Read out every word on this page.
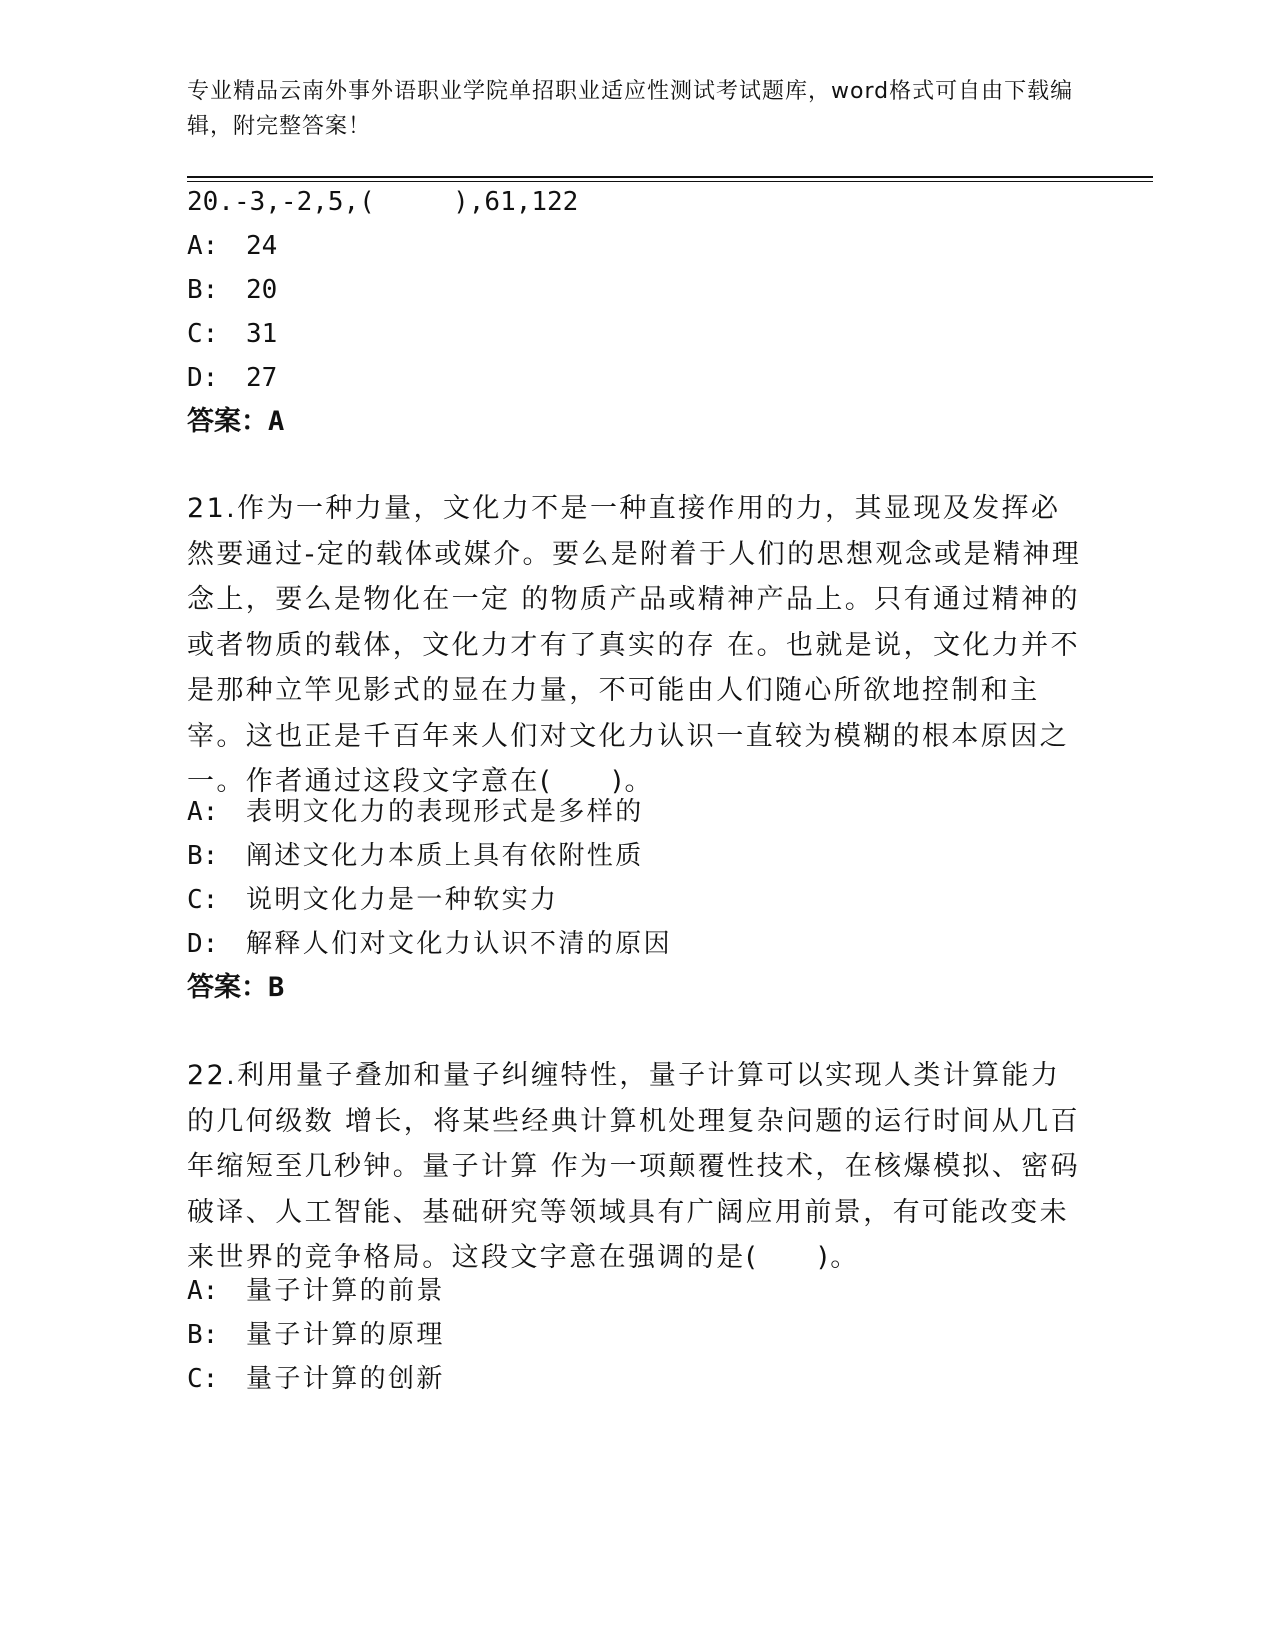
专业精品云南外事外语职业学院单招职业适应性测试考试题库，word格式可自由下载编辑，附完整答案！
20.-3,-2,5,(     ),61,122
A: 24
B: 20
C: 31
D: 27
答案：A
21.作为一种力量，文化力不是一种直接作用的力，其显现及发挥必然要通过-定的载体或媒介。要么是附着于人们的思想观念或是精神理念上，要么是物化在一定 的物质产品或精神产品上。只有通过精神的或者物质的载体，文化力才有了真实的存 在。也就是说，文化力并不是那种立竿见影式的显在力量，不可能由人们随心所欲地控制和主宰。这也正是千百年来人们对文化力认识一直较为模糊的根本原因之一。作者通过这段文字意在(　　)。
A: 表明文化力的表现形式是多样的
B: 阐述文化力本质上具有依附性质
C: 说明文化力是一种软实力
D: 解释人们对文化力认识不清的原因
答案：B
22.利用量子叠加和量子纠缠特性，量子计算可以实现人类计算能力的几何级数 增长，将某些经典计算机处理复杂问题的运行时间从几百年缩短至几秒钟。量子计算 作为一项颠覆性技术，在核爆模拟、密码破译、人工智能、基础研究等领域具有广阔应用前景，有可能改变未来世界的竞争格局。这段文字意在强调的是(　　)。
A: 量子计算的前景
B: 量子计算的原理
C: 量子计算的创新
